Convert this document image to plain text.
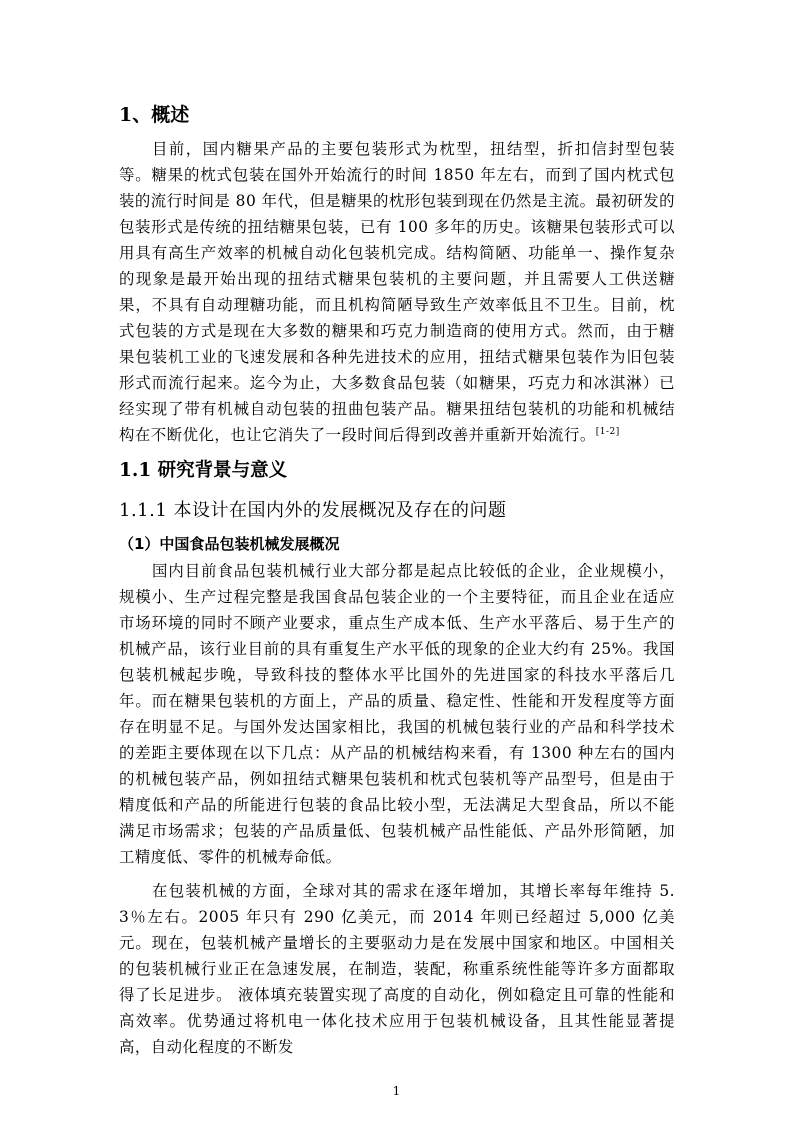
1、概述

目前，国内糖果产品的主要包装形式为枕型，扭结型，折扣信封型包装等。糖果的枕式包装在国外开始流行的时间 1850 年左右，而到了国内枕式包装的流行时间是 80 年代，但是糖果的枕形包装到现在仍然是主流。最初研发的包装形式是传统的扭结糖果包装，已有 100 多年的历史。该糖果包装形式可以用具有高生产效率的机械自动化包装机完成。结构简陋、功能单一、操作复杂的现象是最开始出现的扭结式糖果包装机的主要问题，并且需要人工供送糖果，不具有自动理糖功能，而且机构简陋导致生产效率低且不卫生。目前，枕式包装的方式是现在大多数的糖果和巧克力制造商的使用方式。然而，由于糖果包装机工业的飞速发展和各种先进技术的应用，扭结式糖果包装作为旧包装形式而流行起来。迄今为止，大多数食品包装（如糖果，巧克力和冰淇淋）已经实现了带有机械自动包装的扭曲包装产品。糖果扭结包装机的功能和机械结构在不断优化，也让它消失了一段时间后得到改善并重新开始流行。[1-2]

1.1 研究背景与意义
1.1.1 本设计在国内外的发展概况及存在的问题
（1）中国食品包装机械发展概况

国内目前食品包装机械行业大部分都是起点比较低的企业，企业规模小，规模小、生产过程完整是我国食品包装企业的一个主要特征，而且企业在适应市场环境的同时不顾产业要求，重点生产成本低、生产水平落后、易于生产的机械产品，该行业目前的具有重复生产水平低的现象的企业大约有 25%。我国包装机械起步晚，导致科技的整体水平比国外的先进国家的科技水平落后几年。而在糖果包装机的方面上，产品的质量、稳定性、性能和开发程度等方面存在明显不足。与国外发达国家相比，我国的机械包装行业的产品和科学技术的差距主要体现在以下几点：从产品的机械结构来看，有 1300 种左右的国内的机械包装产品，例如扭结式糖果包装机和枕式包装机等产品型号，但是由于精度低和产品的所能进行包装的食品比较小型，无法满足大型食品，所以不能满足市场需求；包装的产品质量低、包装机械产品性能低、产品外形简陋，加工精度低、零件的机械寿命低。

在包装机械的方面，全球对其的需求在逐年增加，其增长率每年维持 5.3％左右。2005 年只有 290 亿美元，而 2014 年则已经超过 5,000 亿美元。现在，包装机械产量增长的主要驱动力是在发展中国家和地区。中国相关的包装机械行业正在急速发展，在制造，装配，称重系统性能等许多方面都取得了长足进步。 液体填充装置实现了高度的自动化，例如稳定且可靠的性能和高效率。优势通过将机电一体化技术应用于包装机械设备，且其性能显著提高，自动化程度的不断发

1
